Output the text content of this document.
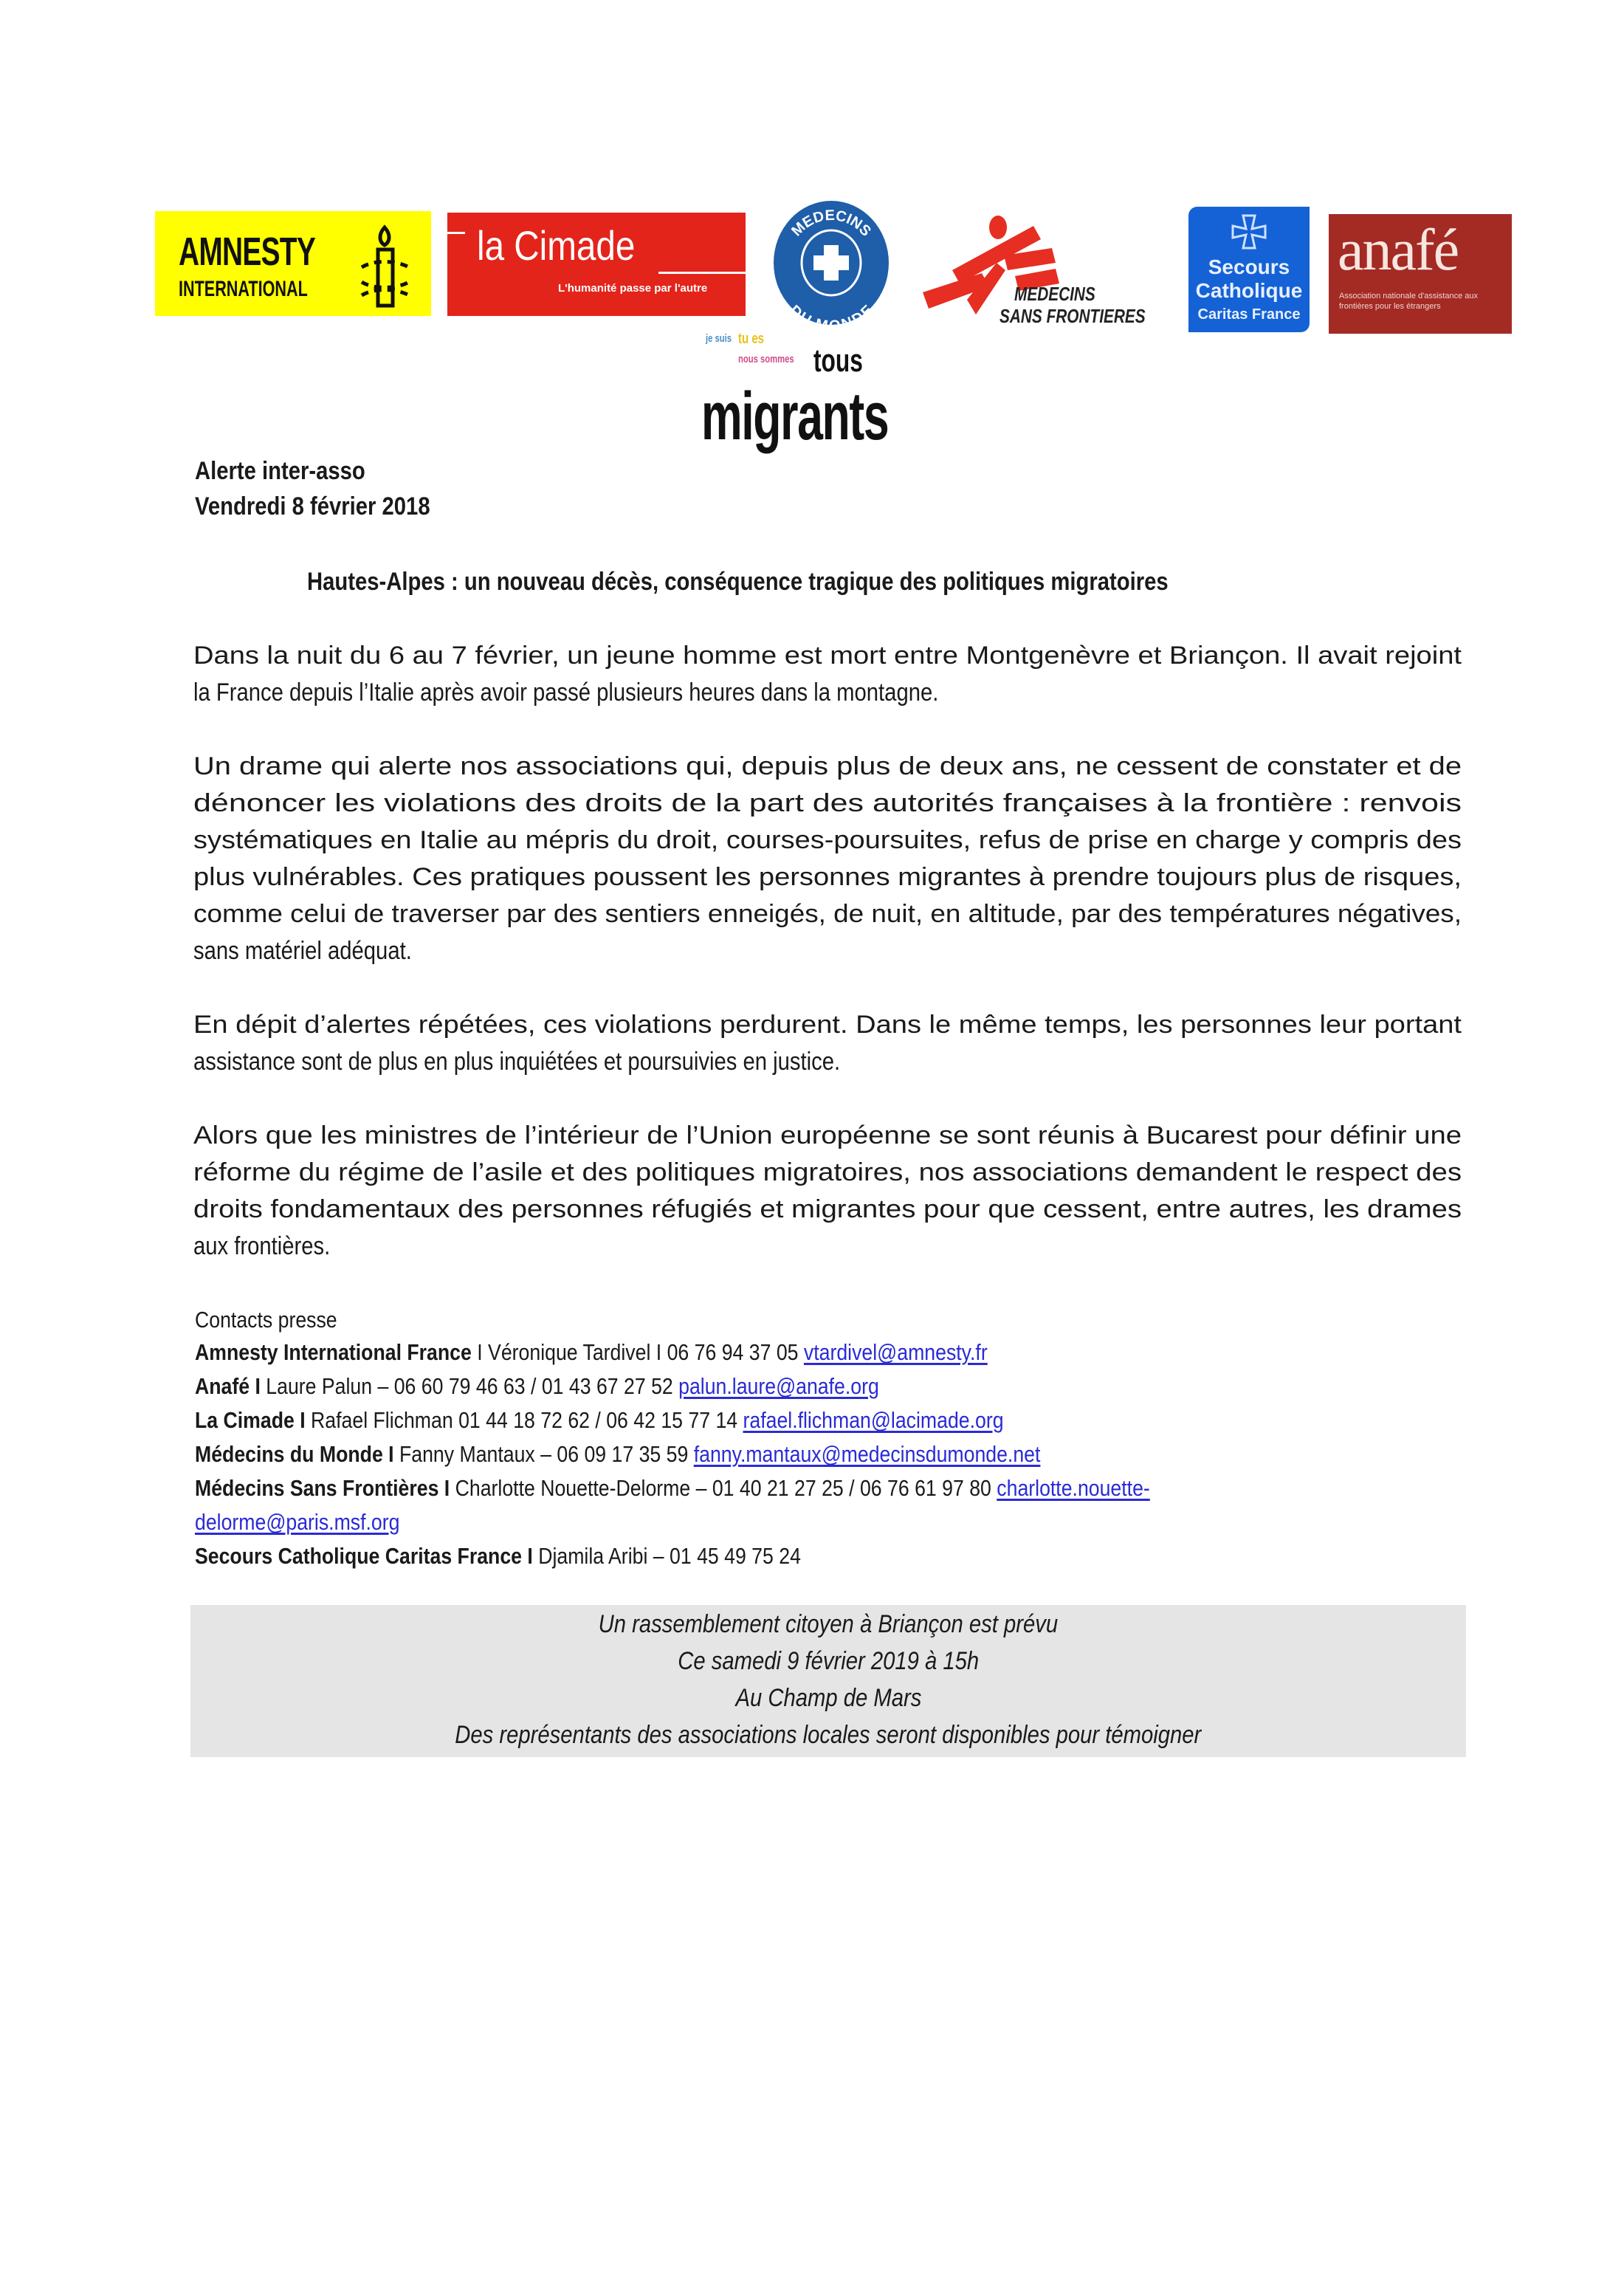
AMNESTY
INTERNATIONAL
la Cimade
L'humanité passe par l'autre
MEDECINS
DU MONDE
MEDECINS
SANS FRONTIERES
Secours
Catholique
Caritas France
anafé
Association nationale d'assistance aux frontières pour les étrangers
je suis tu es
nous sommes tous
migrants
Alerte inter-asso
Vendredi 8 février 2018
Hautes-Alpes : un nouveau décès, conséquence tragique des politiques migratoires
Dans la nuit du 6 au 7 février, un jeune homme est mort entre Montgenèvre et Briançon. Il avait rejoint
la France depuis l’Italie après avoir passé plusieurs heures dans la montagne.
Un drame qui alerte nos associations qui, depuis plus de deux ans, ne cessent de constater et de
dénoncer les violations des droits de la part des autorités françaises à la frontière : renvois
systématiques en Italie au mépris du droit, courses-poursuites, refus de prise en charge y compris des
plus vulnérables. Ces pratiques poussent les personnes migrantes à prendre toujours plus de risques,
comme celui de traverser par des sentiers enneigés, de nuit, en altitude, par des températures négatives,
sans matériel adéquat.
En dépit d’alertes répétées, ces violations perdurent. Dans le même temps, les personnes leur portant
assistance sont de plus en plus inquiétées et poursuivies en justice.
Alors que les ministres de l’intérieur de l’Union européenne se sont réunis à Bucarest pour définir une
réforme du régime de l’asile et des politiques migratoires, nos associations demandent le respect des
droits fondamentaux des personnes réfugiés et migrantes pour que cessent, entre autres, les drames
aux frontières.
Contacts presse
Amnesty International France I Véronique Tardivel I 06 76 94 37 05 vtardivel@amnesty.fr
Anafé I Laure Palun – 06 60 79 46 63 / 01 43 67 27 52 palun.laure@anafe.org
La Cimade I Rafael Flichman 01 44 18 72 62 / 06 42 15 77 14 rafael.flichman@lacimade.org
Médecins du Monde I Fanny Mantaux – 06 09 17 35 59 fanny.mantaux@medecinsdumonde.net
Médecins Sans Frontières I Charlotte Nouette-Delorme – 01 40 21 27 25 / 06 76 61 97 80 charlotte.nouette-
delorme@paris.msf.org
Secours Catholique Caritas France I Djamila Aribi – 01 45 49 75 24
Un rassemblement citoyen à Briançon est prévu
Ce samedi 9 février 2019 à 15h
Au Champ de Mars
Des représentants des associations locales seront disponibles pour témoigner
